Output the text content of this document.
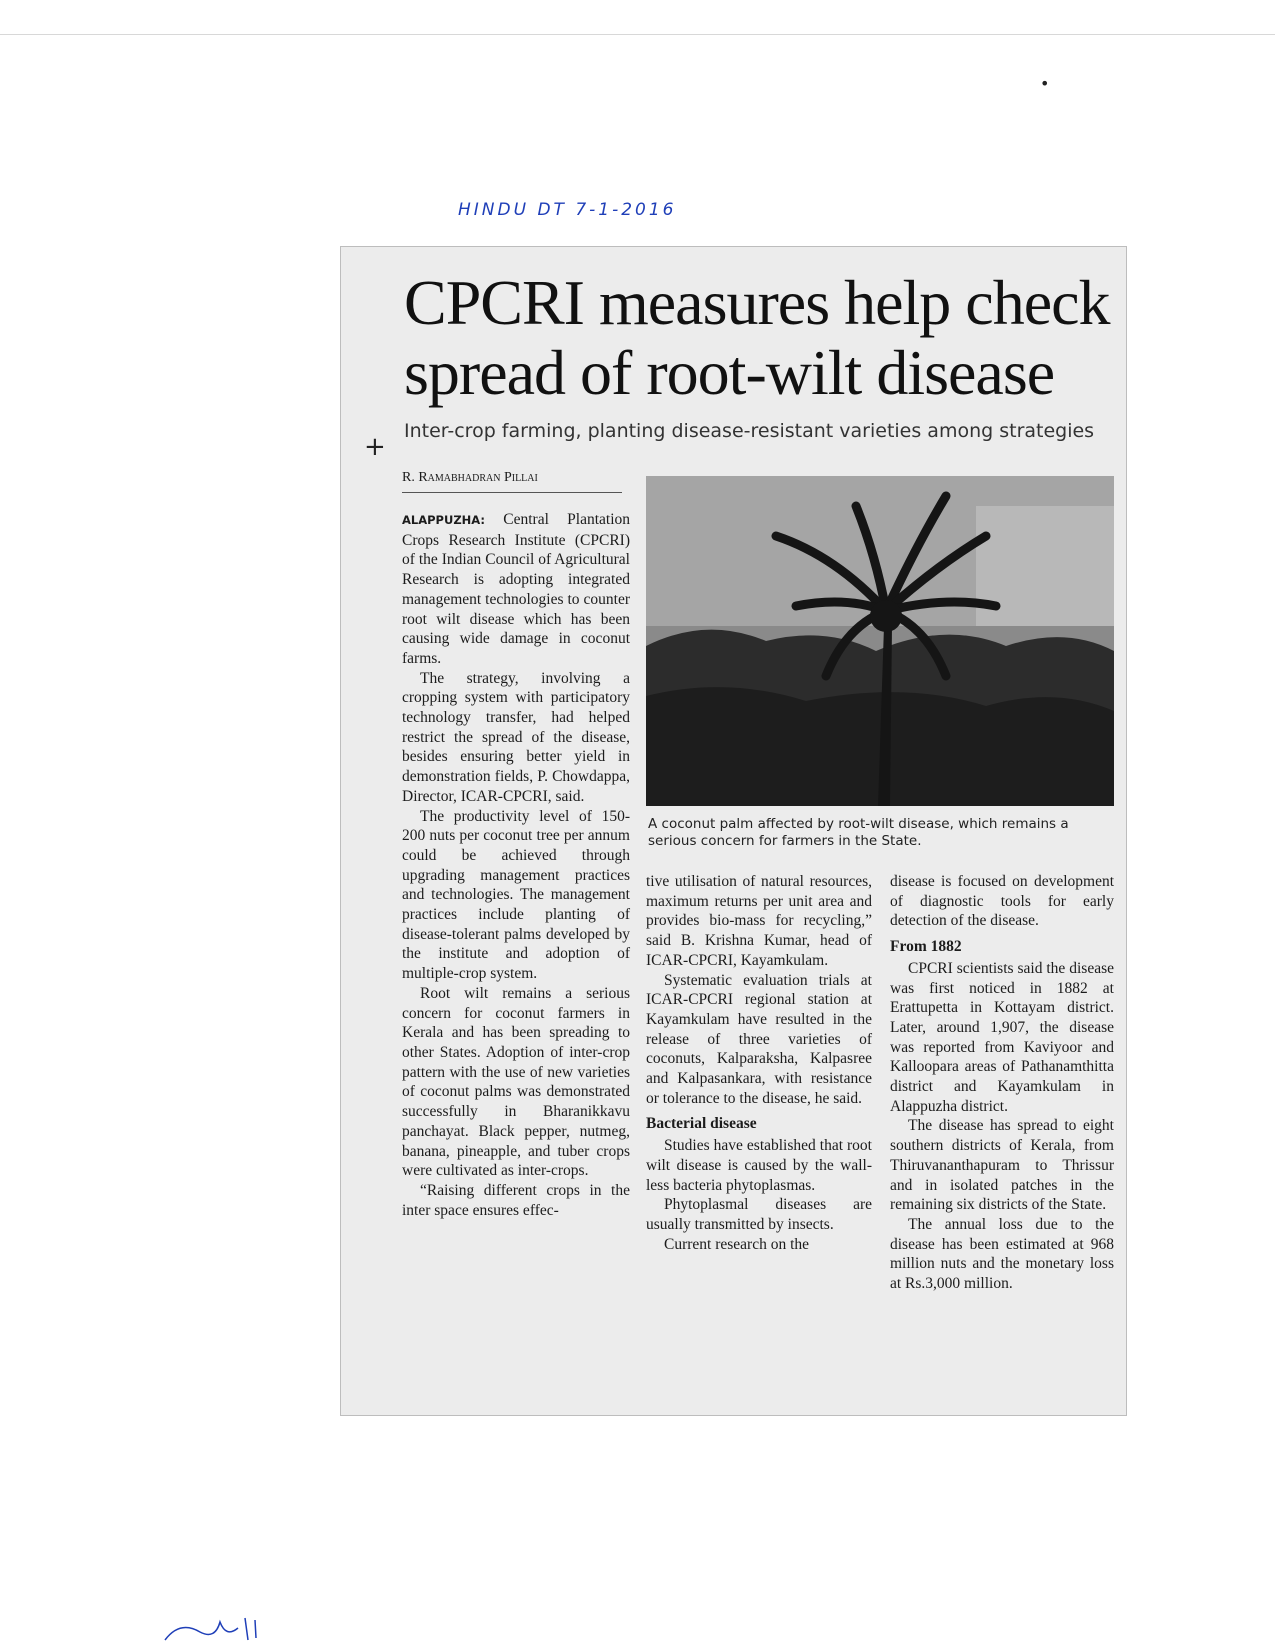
•
HINDU DT 7-1-2016
CPCRI measures help check spread of root-wilt disease
+
Inter-crop farming, planting disease-resistant varieties among strategies
R. Ramabhadran Pillai

ALAPPUZHA: Central Plantation Crops Research Institute (CPCRI) of the Indian Council of Agricultural Research is adopting integrated management technologies to counter root wilt disease which has been causing wide damage in coconut farms.

The strategy, involving a cropping system with participatory technology transfer, had helped restrict the spread of the disease, besides ensuring better yield in demonstration fields, P. Chowdappa, Director, ICAR-CPCRI, said.

The productivity level of 150-200 nuts per coconut tree per annum could be achieved through upgrading management practices and technologies. The management practices include planting of disease-tolerant palms developed by the institute and adoption of multiple-crop system.

Root wilt remains a serious concern for coconut farmers in Kerala and has been spreading to other States. Adoption of inter-crop pattern with the use of new varieties of coconut palms was demonstrated successfully in Bharanikkavu panchayat. Black pepper, nutmeg, banana, pineapple, and tuber crops were cultivated as inter-crops.

“Raising different crops in the inter space ensures effec-

A coconut palm affected by root-wilt disease, which remains a serious concern for farmers in the State.

tive utilisation of natural resources, maximum returns per unit area and provides bio-mass for recycling,” said B. Krishna Kumar, head of ICAR-CPCRI, Kayamkulam.

Systematic evaluation trials at ICAR-CPCRI regional station at Kayamkulam have resulted in the release of three varieties of coconuts, Kalparaksha, Kalpasree and Kalpasankara, with resistance or tolerance to the disease, he said.

Bacterial disease

Studies have established that root wilt disease is caused by the wall-less bacteria phytoplasmas.

Phytoplasmal diseases are usually transmitted by insects.

Current research on the

disease is focused on development of diagnostic tools for early detection of the disease.

From 1882

CPCRI scientists said the disease was first noticed in 1882 at Erattupetta in Kottayam district. Later, around 1,907, the disease was reported from Kaviyoor and Kalloopara areas of Pathanamthitta district and Kayamkulam in Alappuzha district.

The disease has spread to eight southern districts of Kerala, from Thiruvananthapuram to Thrissur and in isolated patches in the remaining six districts of the State.

The annual loss due to the disease has been estimated at 968 million nuts and the monetary loss at Rs.3,000 million.
